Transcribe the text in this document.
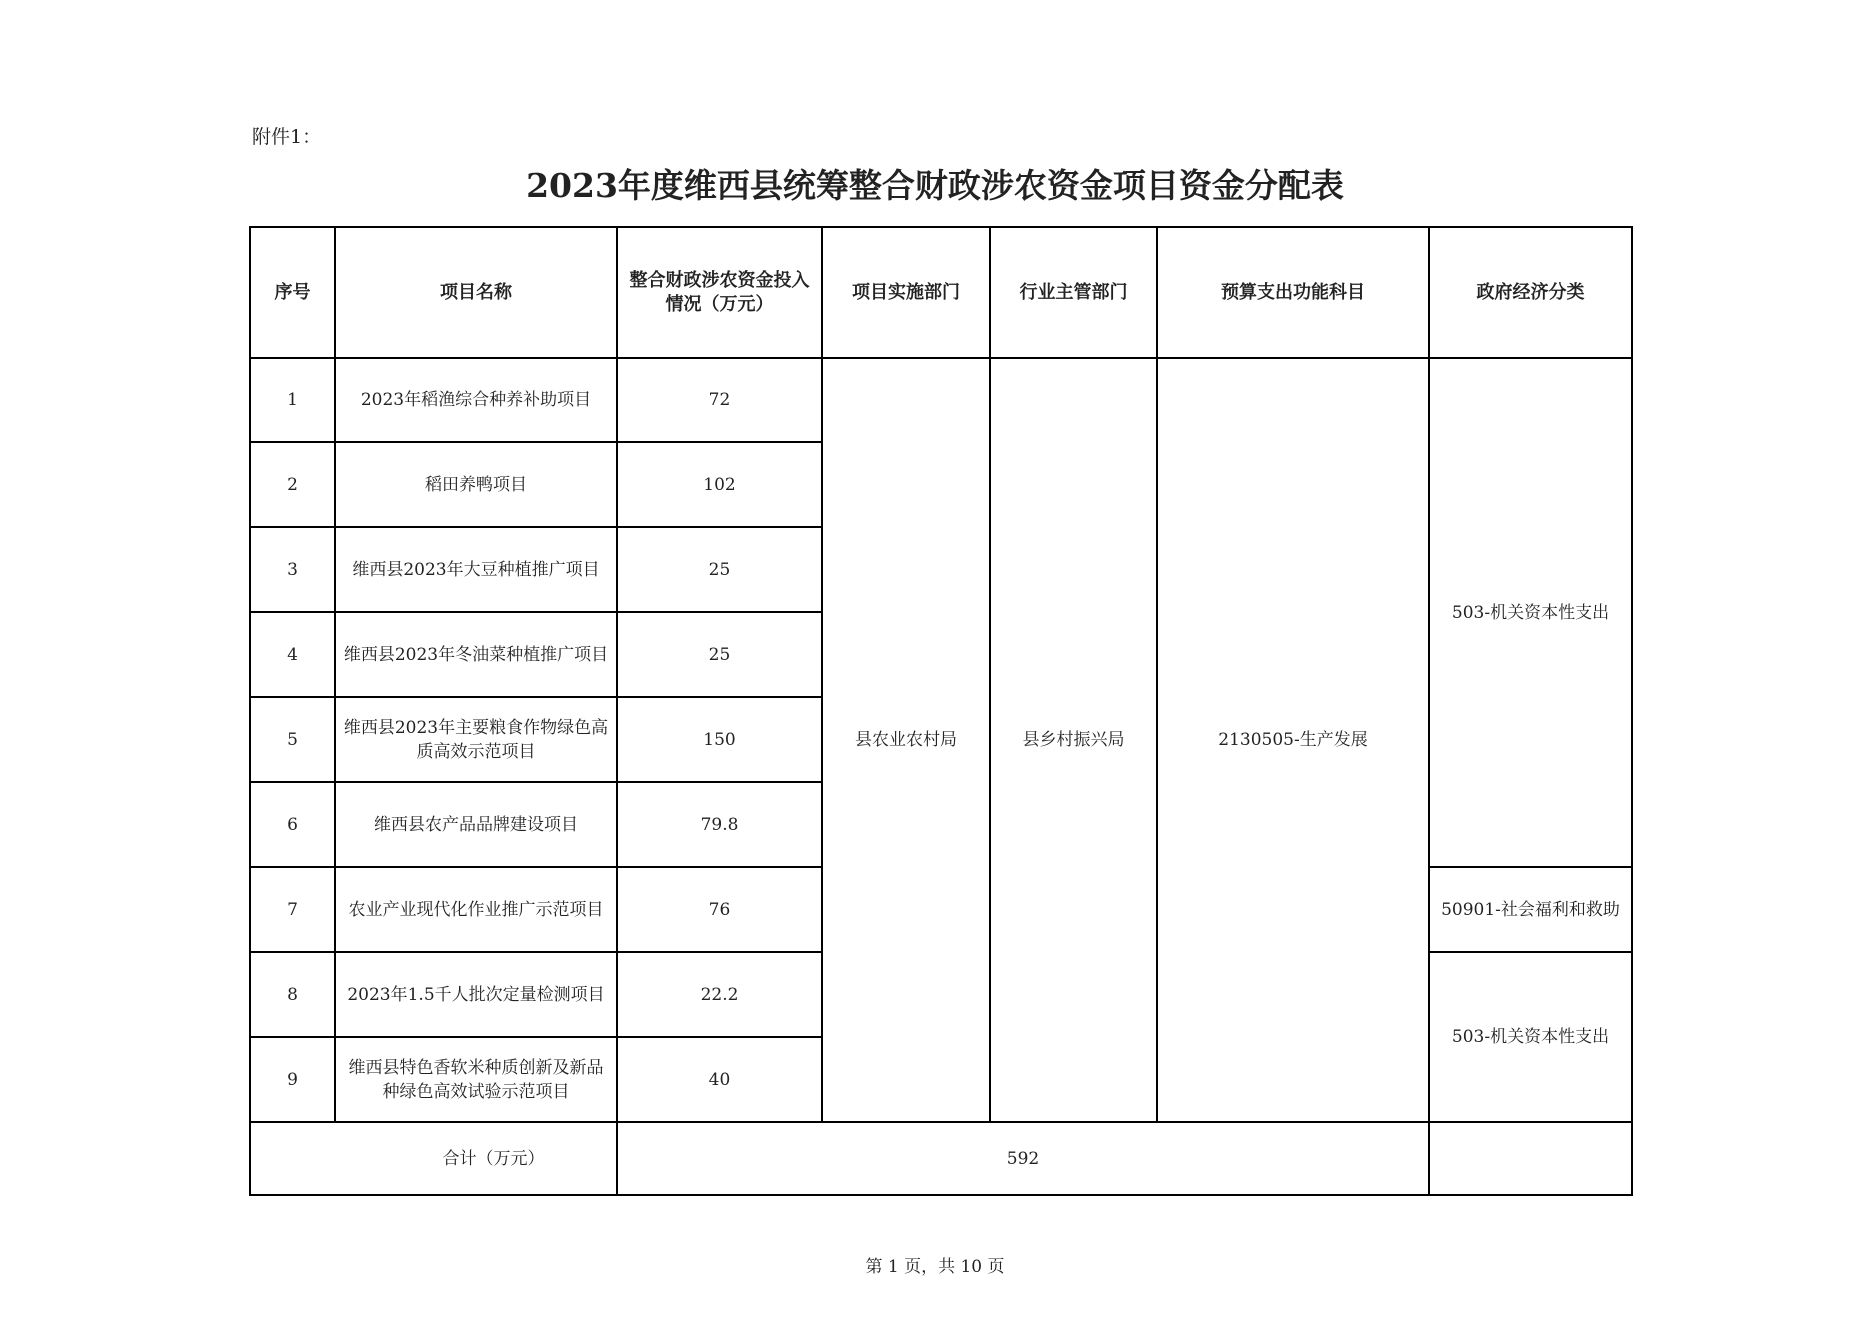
附件1：
2023年度维西县统筹整合财政涉农资金项目资金分配表
序号	项目名称	整合财政涉农资金投入情况（万元）	项目实施部门	行业主管部门	预算支出功能科目	政府经济分类
1	2023年稻渔综合种养补助项目	72	县农业农村局	县乡村振兴局	2130505-生产发展	503-机关资本性支出
2	稻田养鸭项目	102				
3	维西县2023年大豆种植推广项目	25				
4	维西县2023年冬油菜种植推广项目	25				
5	维西县2023年主要粮食作物绿色高质高效示范项目	150				
6	维西县农产品品牌建设项目	79.8				
7	农业产业现代化作业推广示范项目	76				50901-社会福利和救助
8	2023年1.5千人批次定量检测项目	22.2				503-机关资本性支出
9	维西县特色香软米种质创新及新品种绿色高效试验示范项目	40				
合计（万元）		592				
第 1 页，共 10 页
